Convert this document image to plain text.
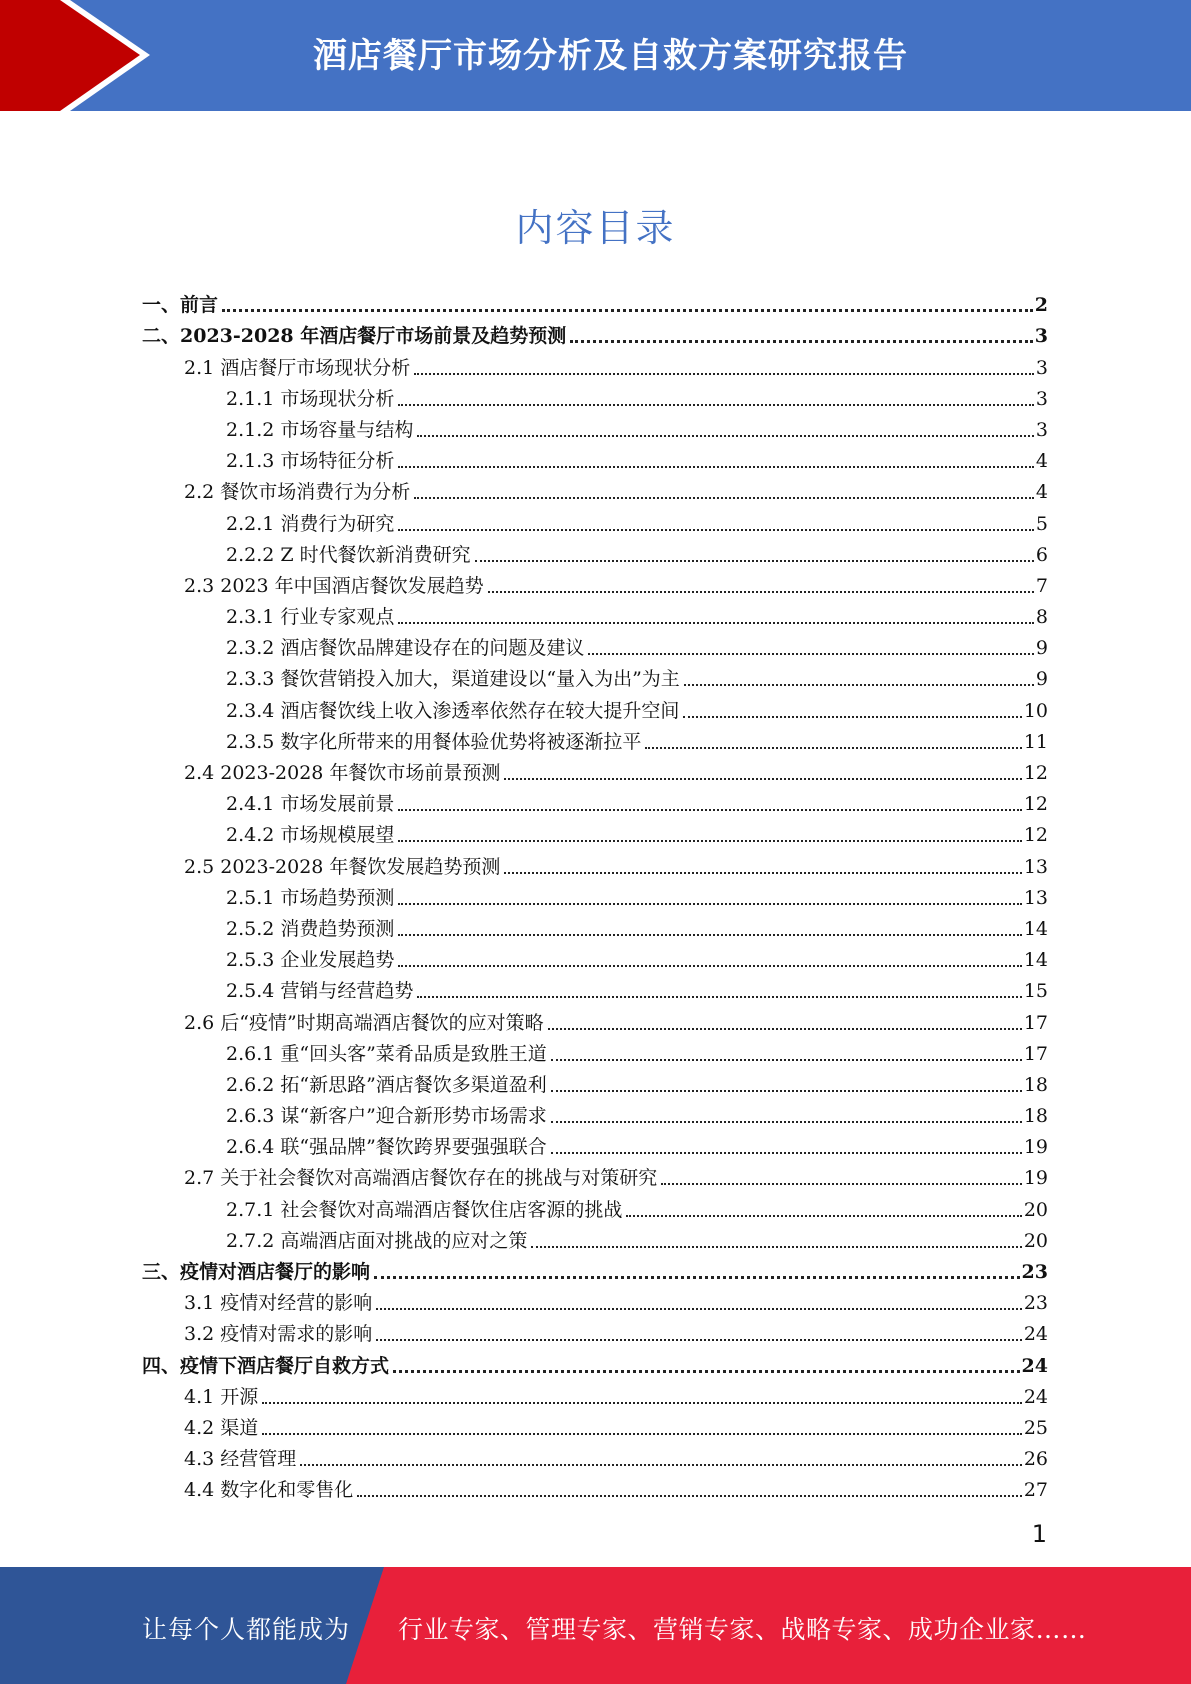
酒店餐厅市场分析及自救方案研究报告
内容目录
一、前言	2
二、2023-2028 年酒店餐厅市场前景及趋势预测	3
2.1 酒店餐厅市场现状分析	3
2.1.1 市场现状分析	3
2.1.2 市场容量与结构	3
2.1.3 市场特征分析	4
2.2 餐饮市场消费行为分析	4
2.2.1 消费行为研究	5
2.2.2 Z 时代餐饮新消费研究	6
2.3 2023 年中国酒店餐饮发展趋势	7
2.3.1 行业专家观点	8
2.3.2 酒店餐饮品牌建设存在的问题及建议	9
2.3.3 餐饮营销投入加大，渠道建设以“量入为出”为主	9
2.3.4 酒店餐饮线上收入渗透率依然存在较大提升空间	10
2.3.5 数字化所带来的用餐体验优势将被逐渐拉平	11
2.4 2023-2028 年餐饮市场前景预测	12
2.4.1 市场发展前景	12
2.4.2 市场规模展望	12
2.5 2023-2028 年餐饮发展趋势预测	13
2.5.1 市场趋势预测	13
2.5.2 消费趋势预测	14
2.5.3 企业发展趋势	14
2.5.4 营销与经营趋势	15
2.6 后“疫情”时期高端酒店餐饮的应对策略	17
2.6.1 重“回头客”菜肴品质是致胜王道	17
2.6.2 拓“新思路”酒店餐饮多渠道盈利	18
2.6.3 谋“新客户”迎合新形势市场需求	18
2.6.4 联“强品牌”餐饮跨界要强强联合	19
2.7 关于社会餐饮对高端酒店餐饮存在的挑战与对策研究	19
2.7.1 社会餐饮对高端酒店餐饮住店客源的挑战	20
2.7.2 高端酒店面对挑战的应对之策	20
三、疫情对酒店餐厅的影响	23
3.1 疫情对经营的影响	23
3.2 疫情对需求的影响	24
四、疫情下酒店餐厅自救方式	24
4.1 开源	24
4.2 渠道	25
4.3 经营管理	26
4.4 数字化和零售化	27
1
让每个人都能成为 行业专家、管理专家、营销专家、战略专家、成功企业家……
